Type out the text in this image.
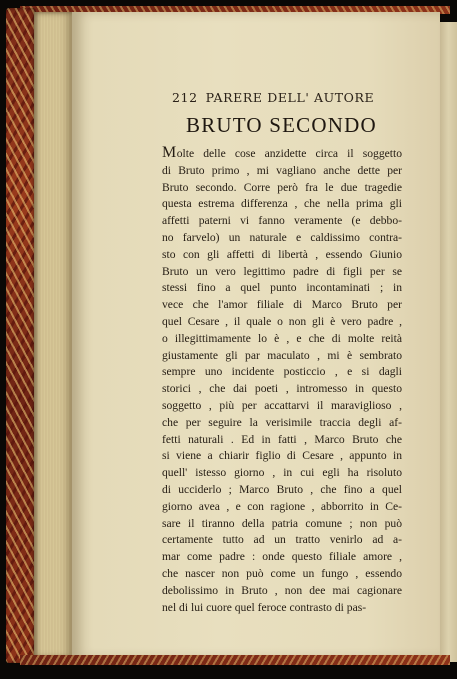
212 PARERE DELL' AUTORE
BRUTO SECONDO
Molte delle cose anzidette circa il soggetto
di Bruto primo , mi vagliano anche dette per
Bruto secondo. Corre però fra le due tragedie
questa estrema differenza , che nella prima gli
affetti paterni vi fanno veramente (e debbo-
no farvelo) un naturale e caldissimo contra-
sto con gli affetti di libertà , essendo Giunio
Bruto un vero legittimo padre di figli per se
stessi fino a quel punto incontaminati ; in
vece che l'amor filiale di Marco Bruto per
quel Cesare , il quale o non gli è vero padre ,
o illegittimamente lo è , e che di molte reità
giustamente gli par maculato , mi è sembrato
sempre uno incidente posticcio , e si dagli
storici , che dai poeti , intromesso in questo
soggetto , più per accattarvi il maraviglioso ,
che per seguire la verisimile traccia degli af-
fetti naturali . Ed in fatti , Marco Bruto che
si viene a chiarir figlio di Cesare , appunto in
quell' istesso giorno , in cui egli ha risoluto
di ucciderlo ; Marco Bruto , che fino a quel
giorno avea , e con ragione , abborrito in Ce-
sare il tiranno della patria comune ; non può
certamente tutto ad un tratto venirlo ad a-
mar come padre : onde questo filiale amore ,
che nascer non può come un fungo , essendo
debolissimo in Bruto , non dee mai cagionare
nel di lui cuore quel feroce contrasto di pas-
